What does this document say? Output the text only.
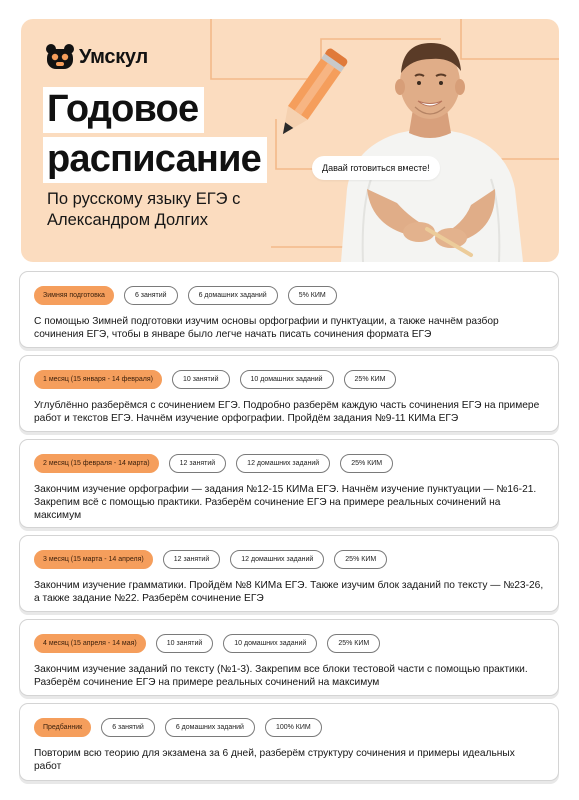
Умскул
Годовое
расписание
По русскому языку ЕГЭ с Александром Долгих
Давай готовиться вместе!
Зимняя подготовка	6 занятий	6 домашних заданий	5% КИМ
С помощью Зимней подготовки изучим основы орфографии и пунктуации, а также начнём разбор сочинения ЕГЭ, чтобы в январе было легче начать писать сочинения формата ЕГЭ
1 месяц (15 января - 14 февраля)	10 занятий	10 домашних заданий	25% КИМ
Углублённо разберёмся с сочинением ЕГЭ. Подробно разберём каждую часть сочинения ЕГЭ на примере работ и текстов ЕГЭ. Начнём изучение орфографии. Пройдём задания №9-11 КИМа ЕГЭ
2 месяц (15 февраля - 14 марта)	12 занятий	12 домашних заданий	25% КИМ
Закончим изучение орфографии — задания №12-15 КИМа ЕГЭ. Начнём изучение пунктуации — №16-21. Закрепим всё с помощью практики. Разберём сочинение ЕГЭ на примере реальных сочинений на максимум
3 месяц (15 марта - 14 апреля)	12 занятий	12 домашних заданий	25% КИМ
Закончим изучение грамматики. Пройдём №8 КИМа ЕГЭ. Также изучим блок заданий по тексту — №23-26, а также задание №22. Разберём сочинение ЕГЭ
4 месяц (15 апреля - 14 мая)	10 занятий	10 домашних заданий	25% КИМ
Закончим изучение заданий по тексту (№1-3). Закрепим все блоки тестовой части с помощью практики. Разберём сочинение ЕГЭ на примере реальных сочинений на максимум
Предбанник	6 занятий	6 домашних заданий	100% КИМ
Повторим всю теорию для экзамена за 6 дней, разберём структуру сочинения и примеры идеальных работ
